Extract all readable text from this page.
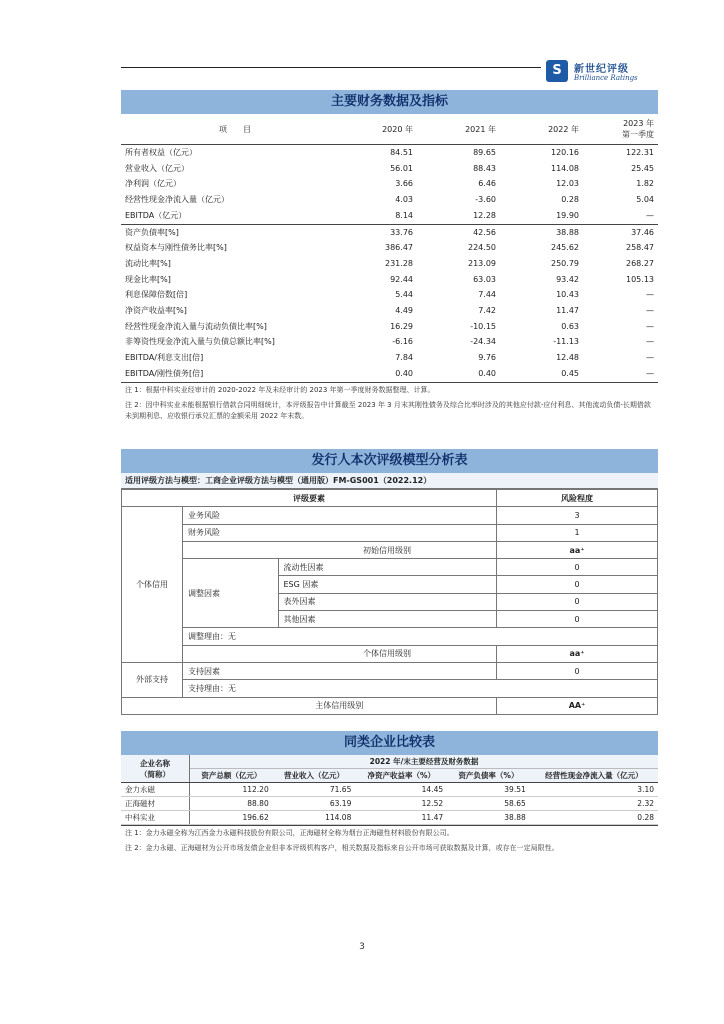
S	新世纪评级
Brilliance Ratings
主要财务数据及指标
项　　目	2020 年	2021 年	2022 年	2023 年
第一季度

所有者权益（亿元）	84.51	89.65	120.16	122.31
营业收入（亿元）	56.01	88.43	114.08	25.45
净利润（亿元）	3.66	6.46	12.03	1.82
经营性现金净流入量（亿元）	4.03	-3.60	0.28	5.04
EBITDA（亿元）	8.14	12.28	19.90	—
资产负债率[%]	33.76	42.56	38.88	37.46
权益资本与刚性债务比率[%]	386.47	224.50	245.62	258.47
流动比率[%]	231.28	213.09	250.79	268.27
现金比率[%]	92.44	63.03	93.42	105.13
利息保障倍数[倍]	5.44	7.44	10.43	—
净资产收益率[%]	4.49	7.42	11.47	—
经营性现金净流入量与流动负债比率[%]	16.29	-10.15	0.63	—
非筹资性现金净流入量与负债总额比率[%]	-6.16	-24.34	-11.13	—
EBITDA/利息支出[倍]	7.84	9.76	12.48	—
EBITDA/刚性债务[倍]	0.40	0.40	0.45	—
注 1：根据中科实业经审计的 2020-2022 年及未经审计的 2023 年第一季度财务数据整理、计算。
注 2：因中科实业未能根据银行借款合同明细统计，本评级报告中计算截至 2023 年 3 月末其刚性债务及综合比率时涉及的其他应付款-应付利息、其他流动负债-长期借款未到期利息、应收银行承兑汇票的金额采用 2022 年末数。
发行人本次评级模型分析表
适用评级方法与模型：工商企业评级方法与模型（通用版）FM-GS001（2022.12）
评级要素			风险程度
个体信用	业务风险		3
	财务风险		1
		初始信用级别	aa⁺
	调整因素	流动性因素	0
		ESG 因素	0
		表外因素	0
		其他因素	0
	调整理由：无		
		个体信用级别	aa⁺
外部支持	支持因素		0
	支持理由：无		
	主体信用级别		AA⁺
同类企业比较表
企业名称
（简称）	2022 年/末主要经营及财务数据				
	资产总额（亿元）	营业收入（亿元）	净资产收益率（%）	资产负债率（%）	经营性现金净流入量（亿元）
金力永磁	112.20	71.65	14.45	39.51	3.10
正海磁材	88.80	63.19	12.52	58.65	2.32
中科实业	196.62	114.08	11.47	38.88	0.28
注 1：金力永磁全称为江西金力永磁科技股份有限公司，正海磁材全称为烟台正海磁性材料股份有限公司。
注 2：金力永磁、正海磁材为公开市场发债企业但非本评级机构客户，相关数据及指标来自公开市场可获取数据及计算，或存在一定局限性。
3
